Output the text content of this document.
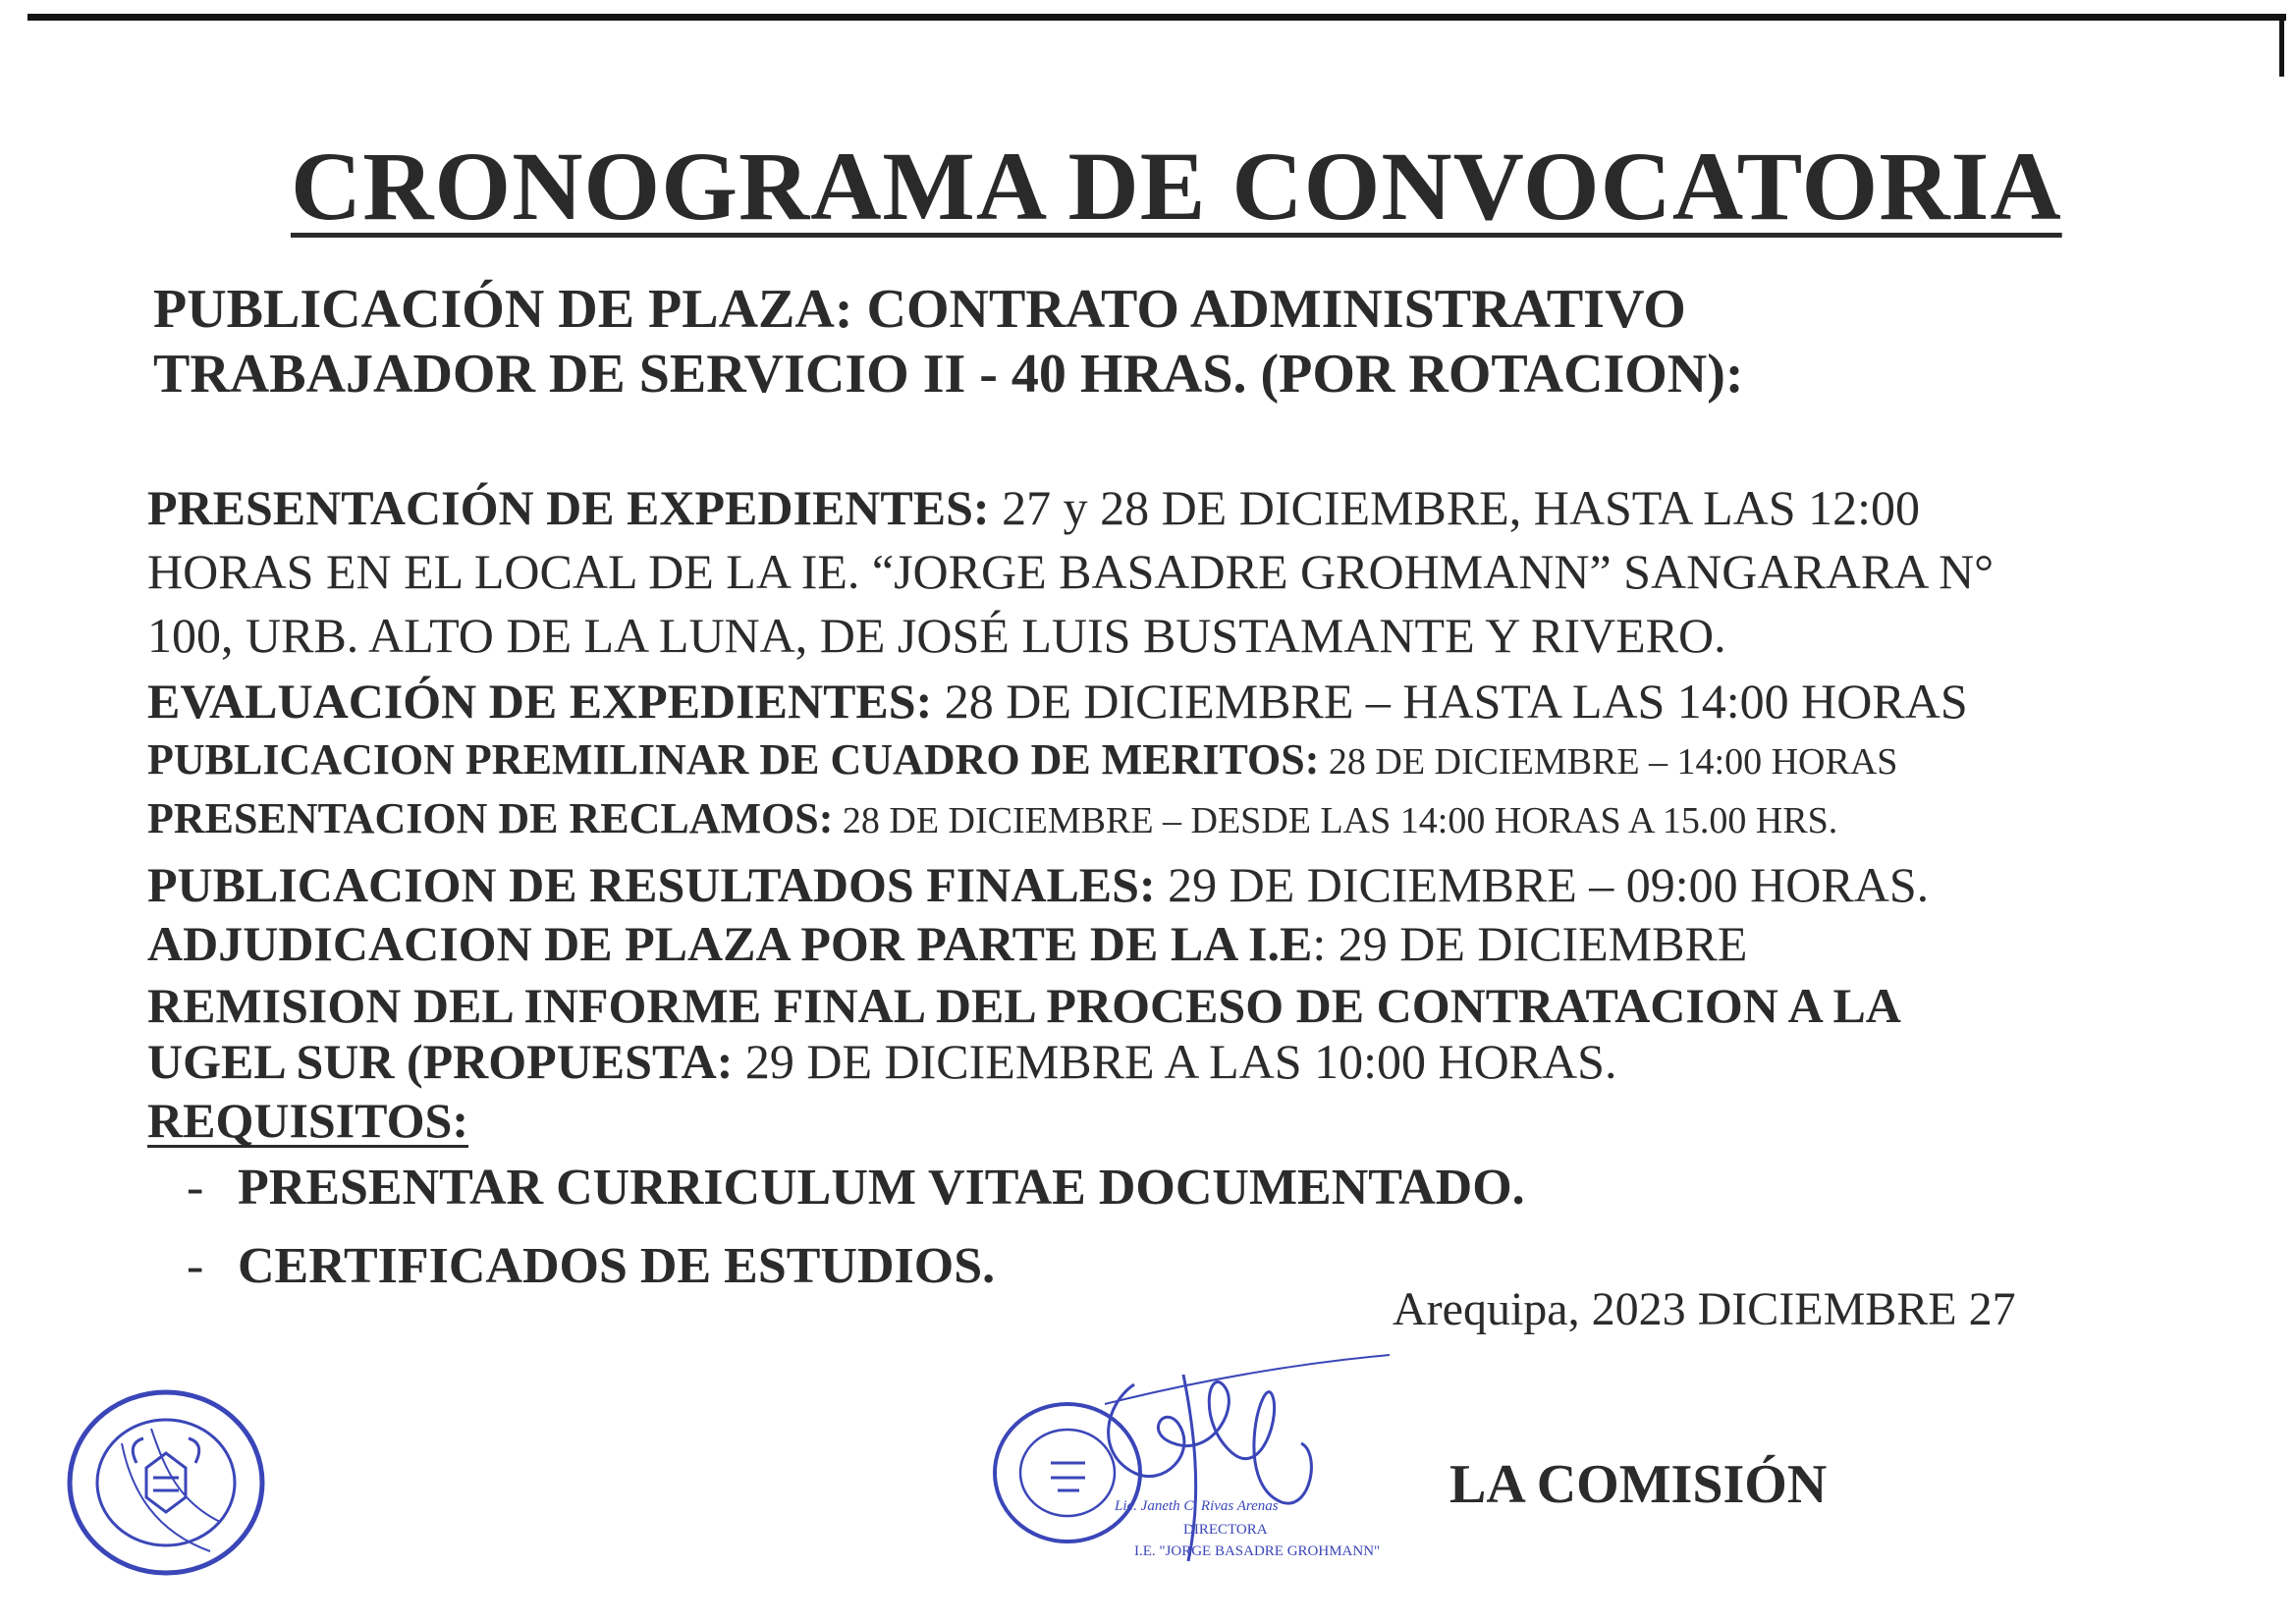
CRONOGRAMA DE CONVOCATORIA
PUBLICACIÓN DE PLAZA: CONTRATO ADMINISTRATIVO
TRABAJADOR DE SERVICIO II - 40 HRAS. (POR ROTACION):
PRESENTACIÓN DE EXPEDIENTES: 27 y 28 DE DICIEMBRE, HASTA LAS 12:00
HORAS EN EL LOCAL DE LA IE. “JORGE BASADRE GROHMANN” SANGARARA N°
100, URB. ALTO DE LA LUNA, DE JOSÉ LUIS BUSTAMANTE Y RIVERO.
EVALUACIÓN DE EXPEDIENTES: 28 DE DICIEMBRE – HASTA LAS 14:00 HORAS
PUBLICACION PREMILINAR DE CUADRO DE MERITOS: 28 DE DICIEMBRE – 14:00 HORAS
PRESENTACION DE RECLAMOS: 28 DE DICIEMBRE – DESDE LAS 14:00 HORAS A 15.00 HRS.
PUBLICACION DE RESULTADOS FINALES: 29 DE DICIEMBRE – 09:00 HORAS.
ADJUDICACION DE PLAZA POR PARTE DE LA I.E: 29 DE DICIEMBRE
REMISION DEL INFORME FINAL DEL PROCESO DE CONTRATACION A LA
UGEL SUR (PROPUESTA: 29 DE DICIEMBRE A LAS 10:00 HORAS.
REQUISITOS:
- PRESENTAR CURRICULUM VITAE DOCUMENTADO.
- CERTIFICADOS DE ESTUDIOS.
Arequipa, 2023 DICIEMBRE 27
LA COMISIÓN
Lic. Janeth C. Rivas Arenas
DIRECTORA
I.E. "JORGE BASADRE GROHMANN"
